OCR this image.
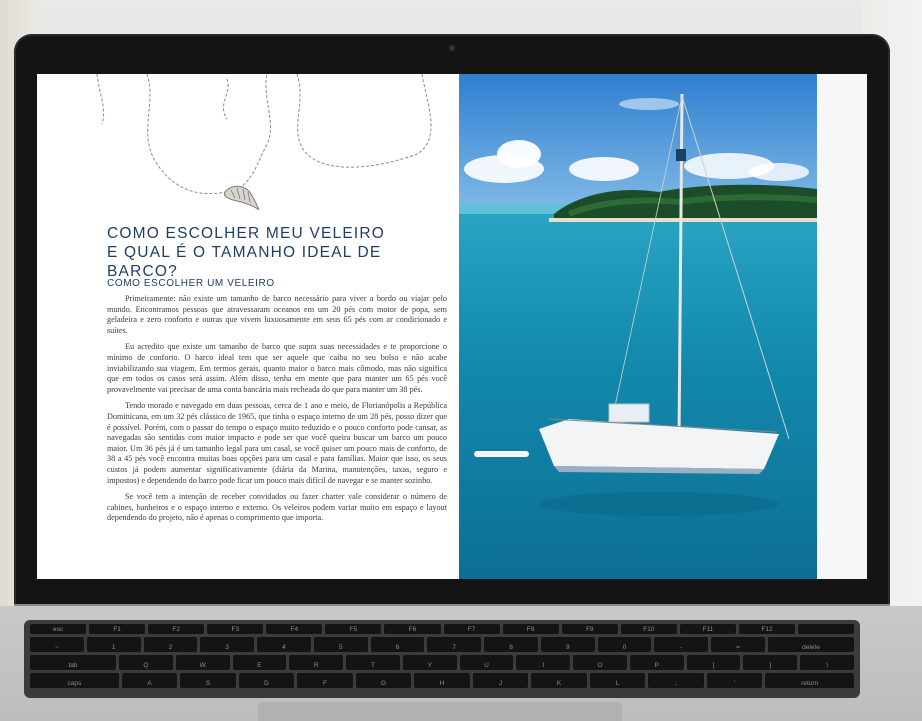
COMO ESCOLHER MEU VELEIRO
E QUAL É O TAMANHO IDEAL DE BARCO?
COMO ESCOLHER UM VELEIRO

Primeiramente: não existe um tamanho de barco necessário para viver a bordo ou viajar pelo mundo. Encontramos pessoas que atravessaram oceanos em um 20 pés com motor de popa, sem geladeira e zero conforto e outras que vivem luxuosamente em seus 65 pés com ar condicionado e suítes.

Eu acredito que existe um tamanho de barco que supra suas necessidades e te proporcione o mínimo de conforto. O barco ideal tem que ser aquele que caiba no seu bolso e não acabe inviabilizando sua viagem. Em termos gerais, quanto maior o barco mais cômodo, mas não significa que em todos os casos será assim. Além disso, tenha em mente que para manter um 65 pés você provavelmente vai precisar de uma conta bancária mais recheada do que para manter um 38 pés.

Tendo morado e navegado em duas pessoas, cerca de 1 ano e meio, de Florianópolis a República Dominicana, em um 32 pés clássico de 1965, que tinha o espaço interno de um 28 pés, posso dizer que é possível. Porém, com o passar do tempo o espaço muito reduzido e o pouco conforto pode cansar, as navegadas são sentidas com maior impacto e pode ser que você queira buscar um barco um pouco maior. Um 36 pés já é um tamanho legal para um casal, se você quiser um pouco mais de conforto, de 38 a 45 pés você encontra muitas boas opções para um casal e para famílias. Maior que isso, os seus custos já podem aumentar significativamente (diária da Marina, manutenções, taxas, seguro e impostos) e dependendo do barco pode ficar um pouco mais difícil de navegar e se manter sozinho.

Se você tem a intenção de receber convidados ou fazer charter vale considerar o número de cabines, banheiros e o espaço interno e externo. Os veleiros podem variar muito em espaço e layout dependendo do projeto, não é apenas o comprimento que importa.

esc	F1	F2	F3	F4	F5	F6	F7	F8	F9	F10	F11	F12
~	1	2	3	4	5	6	7	8	9	0	-	=	delete
tab	Q	W	E	R	T	Y	U	I	O	P	[	]	\
caps	A	S	D	F	G	H	J	K	L	;	'	return
